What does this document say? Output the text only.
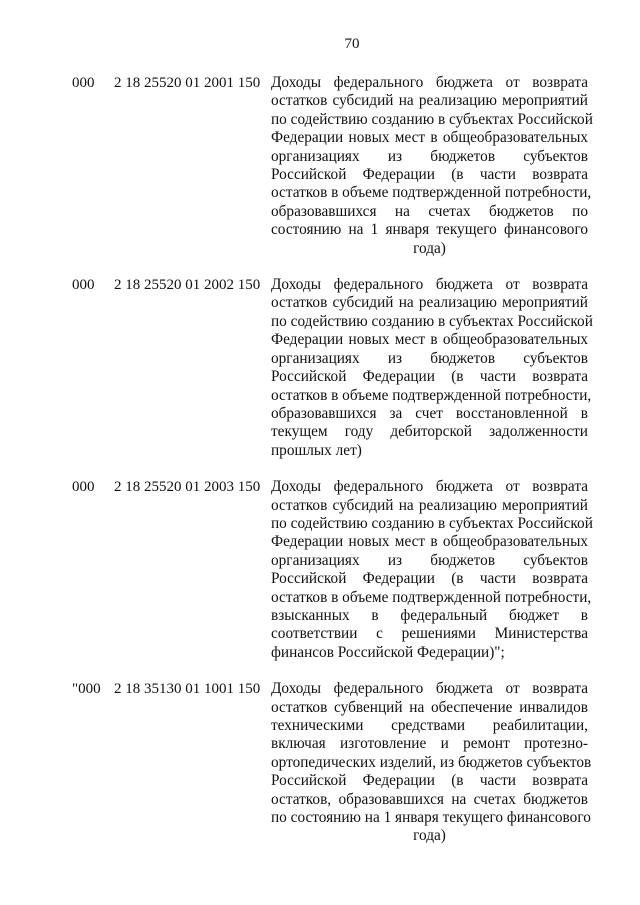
70
000 2 18 25520 01 2001 150 Доходы федерального бюджета от возврата
остатков субсидий на реализацию мероприятий
по содействию созданию в субъектах Российской
Федерации новых мест в общеобразовательных
организациях из бюджетов субъектов
Российской Федерации (в части возврата
остатков в объеме подтвержденной потребности,
образовавшихся на счетах бюджетов по
состоянию на 1 января текущего финансового
года)
000 2 18 25520 01 2002 150 Доходы федерального бюджета от возврата
остатков субсидий на реализацию мероприятий
по содействию созданию в субъектах Российской
Федерации новых мест в общеобразовательных
организациях из бюджетов субъектов
Российской Федерации (в части возврата
остатков в объеме подтвержденной потребности,
образовавшихся за счет восстановленной в
текущем году дебиторской задолженности
прошлых лет)
000 2 18 25520 01 2003 150 Доходы федерального бюджета от возврата
остатков субсидий на реализацию мероприятий
по содействию созданию в субъектах Российской
Федерации новых мест в общеобразовательных
организациях из бюджетов субъектов
Российской Федерации (в части возврата
остатков в объеме подтвержденной потребности,
взысканных в федеральный бюджет в
соответствии с решениями Министерства
финансов Российской Федерации)";
"000 2 18 35130 01 1001 150 Доходы федерального бюджета от возврата
остатков субвенций на обеспечение инвалидов
техническими средствами реабилитации,
включая изготовление и ремонт протезно-
ортопедических изделий, из бюджетов субъектов
Российской Федерации (в части возврата
остатков, образовавшихся на счетах бюджетов
по состоянию на 1 января текущего финансового
года)
